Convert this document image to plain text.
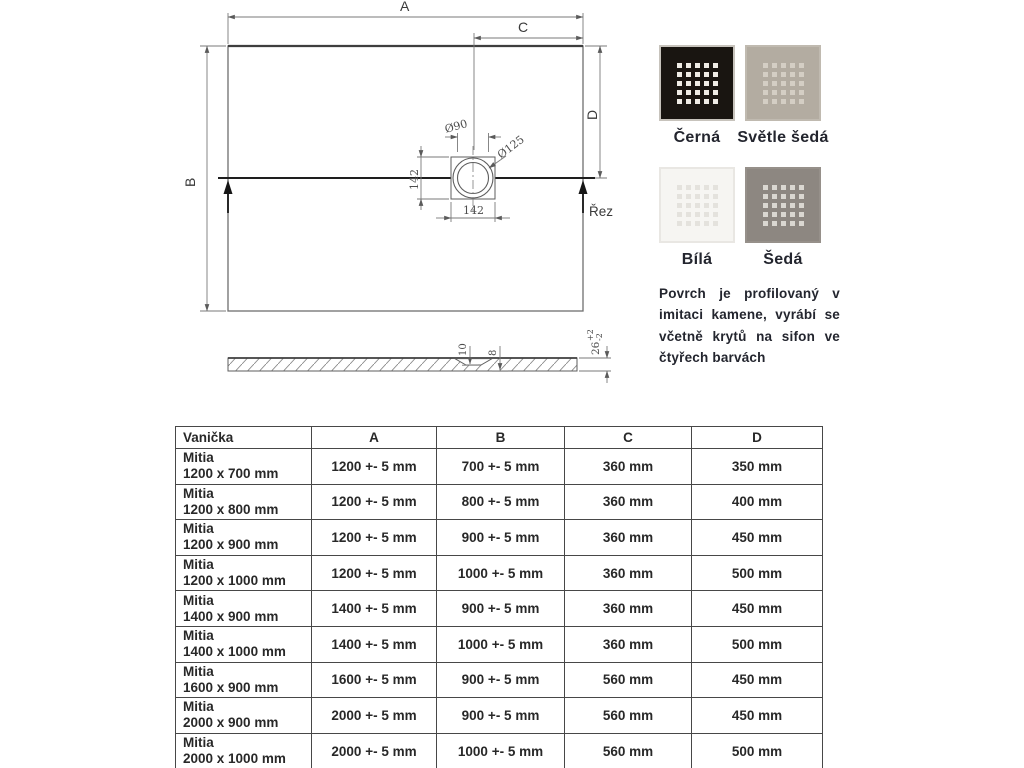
A
C
B
D
Řez
Ø90
Ø125
142
142
10 8	26
+2 -2
Černá Světle šedá
Bílá	Šedá

Povrch je profilovaný v imitaci kamene, vyrábí se včetně krytů na sifon ve čtyřech barvách

Vanička	A	B	C	D

Mitia
1200 x 700 mm	1200 +- 5 mm	700 +- 5 mm	360 mm	350 mm

Mitia
1200 x 800 mm	1200 +- 5 mm	800 +- 5 mm	360 mm	400 mm

Mitia
1200 x 900 mm	1200 +- 5 mm	900 +- 5 mm	360 mm	450 mm

Mitia
1200 x 1000 mm	1200 +- 5 mm	1000 +- 5 mm	360 mm	500 mm

Mitia
1400 x 900 mm	1400 +- 5 mm	900 +- 5 mm	360 mm	450 mm

Mitia
1400 x 1000 mm	1400 +- 5 mm	1000 +- 5 mm	360 mm	500 mm

Mitia
1600 x 900 mm	1600 +- 5 mm	900 +- 5 mm	560 mm	450 mm

Mitia
2000 x 900 mm	2000 +- 5 mm	900 +- 5 mm	560 mm	450 mm

Mitia
2000 x 1000 mm	2000 +- 5 mm	1000 +- 5 mm	560 mm	500 mm
